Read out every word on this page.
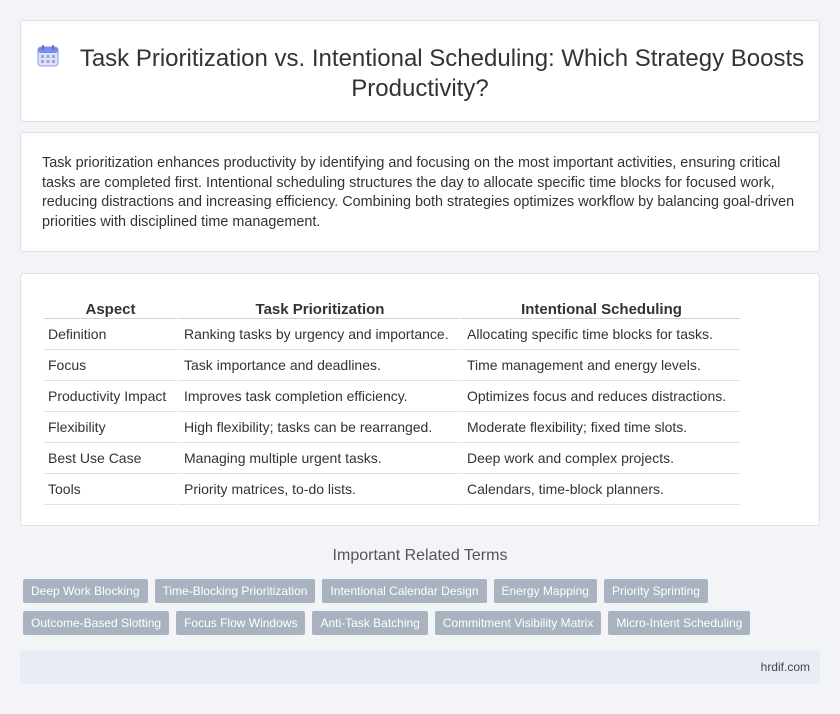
Task Prioritization vs. Intentional Scheduling: Which Strategy Boosts Productivity?

Task prioritization enhances productivity by identifying and focusing on the most important activities, ensuring critical tasks are completed first. Intentional scheduling structures the day to allocate specific time blocks for focused work, reducing distractions and increasing efficiency. Combining both strategies optimizes workflow by balancing goal-driven priorities with disciplined time management.

Aspect	Task Prioritization	Intentional Scheduling
Definition	Ranking tasks by urgency and importance.	Allocating specific time blocks for tasks.
Focus	Task importance and deadlines.	Time management and energy levels.
Productivity Impact	Improves task completion efficiency.	Optimizes focus and reduces distractions.
Flexibility	High flexibility; tasks can be rearranged.	Moderate flexibility; fixed time slots.
Best Use Case	Managing multiple urgent tasks.	Deep work and complex projects.
Tools	Priority matrices, to-do lists.	Calendars, time-block planners.
Important Related Terms
Deep Work Blocking	Time-Blocking Prioritization	Intentional Calendar Design	Energy Mapping	Priority Sprinting
Outcome-Based Slotting	Focus Flow Windows	Anti-Task Batching	Commitment Visibility Matrix	Micro-Intent Scheduling
hrdif.com
